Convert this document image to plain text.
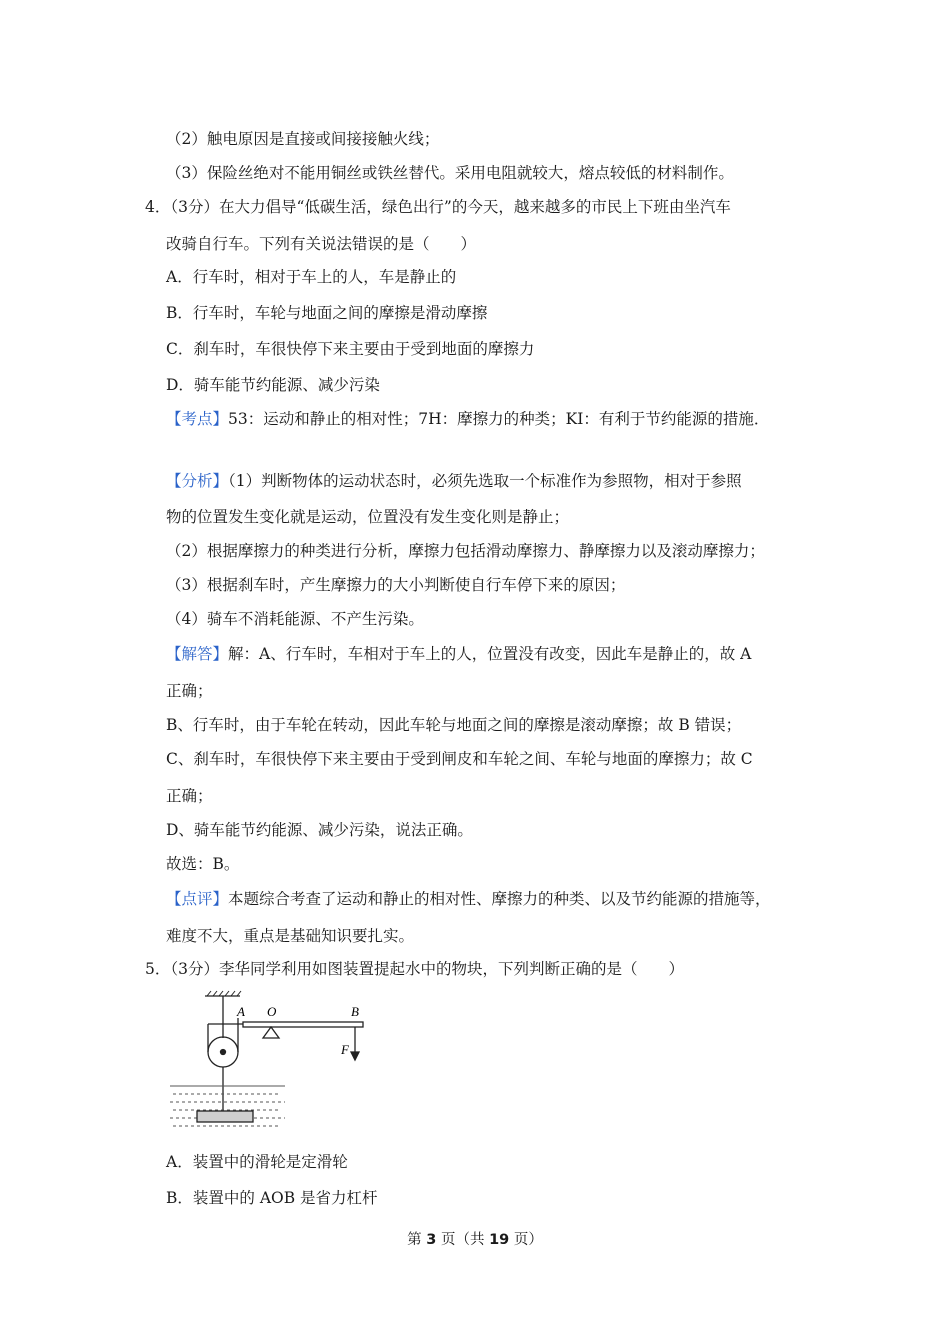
（2）触电原因是直接或间接接触火线；
（3）保险丝绝对不能用铜丝或铁丝替代。采用电阻就较大，熔点较低的材料制作。
4．（3分）在大力倡导“低碳生活，绿色出行”的今天，越来越多的市民上下班由坐汽车
改骑自行车。下列有关说法错误的是（　　）
A．行车时，相对于车上的人，车是静止的
B．行车时，车轮与地面之间的摩擦是滑动摩擦
C．刹车时，车很快停下来主要由于受到地面的摩擦力
D．骑车能节约能源、减少污染
【考点】53：运动和静止的相对性；7H：摩擦力的种类；KI：有利于节约能源的措施．
【分析】（1）判断物体的运动状态时，必须先选取一个标准作为参照物，相对于参照
物的位置发生变化就是运动，位置没有发生变化则是静止；
（2）根据摩擦力的种类进行分析，摩擦力包括滑动摩擦力、静摩擦力以及滚动摩擦力；
（3）根据刹车时，产生摩擦力的大小判断使自行车停下来的原因；
（4）骑车不消耗能源、不产生污染。
【解答】解：A、行车时，车相对于车上的人，位置没有改变，因此车是静止的，故 A
正确；
B、行车时，由于车轮在转动，因此车轮与地面之间的摩擦是滚动摩擦；故 B 错误；
C、刹车时，车很快停下来主要由于受到闸皮和车轮之间、车轮与地面的摩擦力；故 C
正确；
D、骑车能节约能源、减少污染，说法正确。
故选：B。
【点评】本题综合考查了运动和静止的相对性、摩擦力的种类、以及节约能源的措施等，
难度不大，重点是基础知识要扎实。
5．（3分）李华同学利用如图装置提起水中的物块，下列判断正确的是（　　）
A O	B
F
A．装置中的滑轮是定滑轮
B．装置中的 AOB 是省力杠杆
第 3 页（共 19 页）
